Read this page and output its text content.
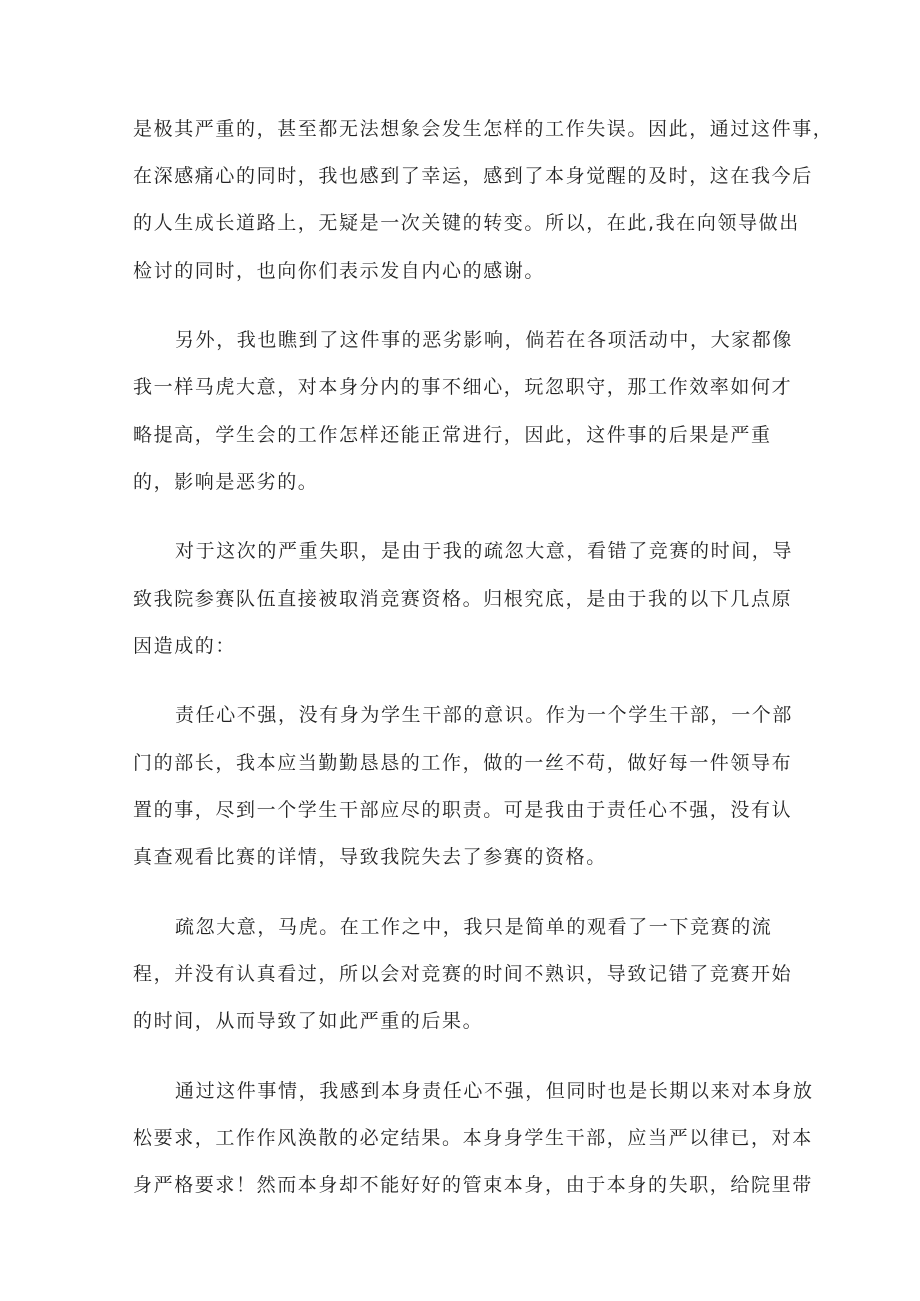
是极其严重的，甚至都无法想象会发生怎样的工作失误。因此，通过这件事，
在深感痛心的同时，我也感到了幸运，感到了本身觉醒的及时，这在我今后
的人生成长道路上，无疑是一次关键的转变。所以，在此,我在向领导做出
检讨的同时，也向你们表示发自内心的感谢。
另外，我也瞧到了这件事的恶劣影响，倘若在各项活动中，大家都像
我一样马虎大意，对本身分内的事不细心，玩忽职守，那工作效率如何才
略提高，学生会的工作怎样还能正常进行，因此，这件事的后果是严重
的，影响是恶劣的。
对于这次的严重失职，是由于我的疏忽大意，看错了竞赛的时间，导
致我院参赛队伍直接被取消竞赛资格。归根究底，是由于我的以下几点原
因造成的：
责任心不强，没有身为学生干部的意识。作为一个学生干部，一个部
门的部长，我本应当勤勤恳恳的工作，做的一丝不苟，做好每一件领导布
置的事，尽到一个学生干部应尽的职责。可是我由于责任心不强，没有认
真查观看比赛的详情，导致我院失去了参赛的资格。
疏忽大意，马虎。在工作之中，我只是简单的观看了一下竞赛的流
程，并没有认真看过，所以会对竞赛的时间不熟识，导致记错了竞赛开始
的时间，从而导致了如此严重的后果。
通过这件事情，我感到本身责任心不强，但同时也是长期以来对本身放
松要求，工作作风涣散的必定结果。本身身学生干部，应当严以律已，对本
身严格要求！然而本身却不能好好的管束本身，由于本身的失职，给院里带
